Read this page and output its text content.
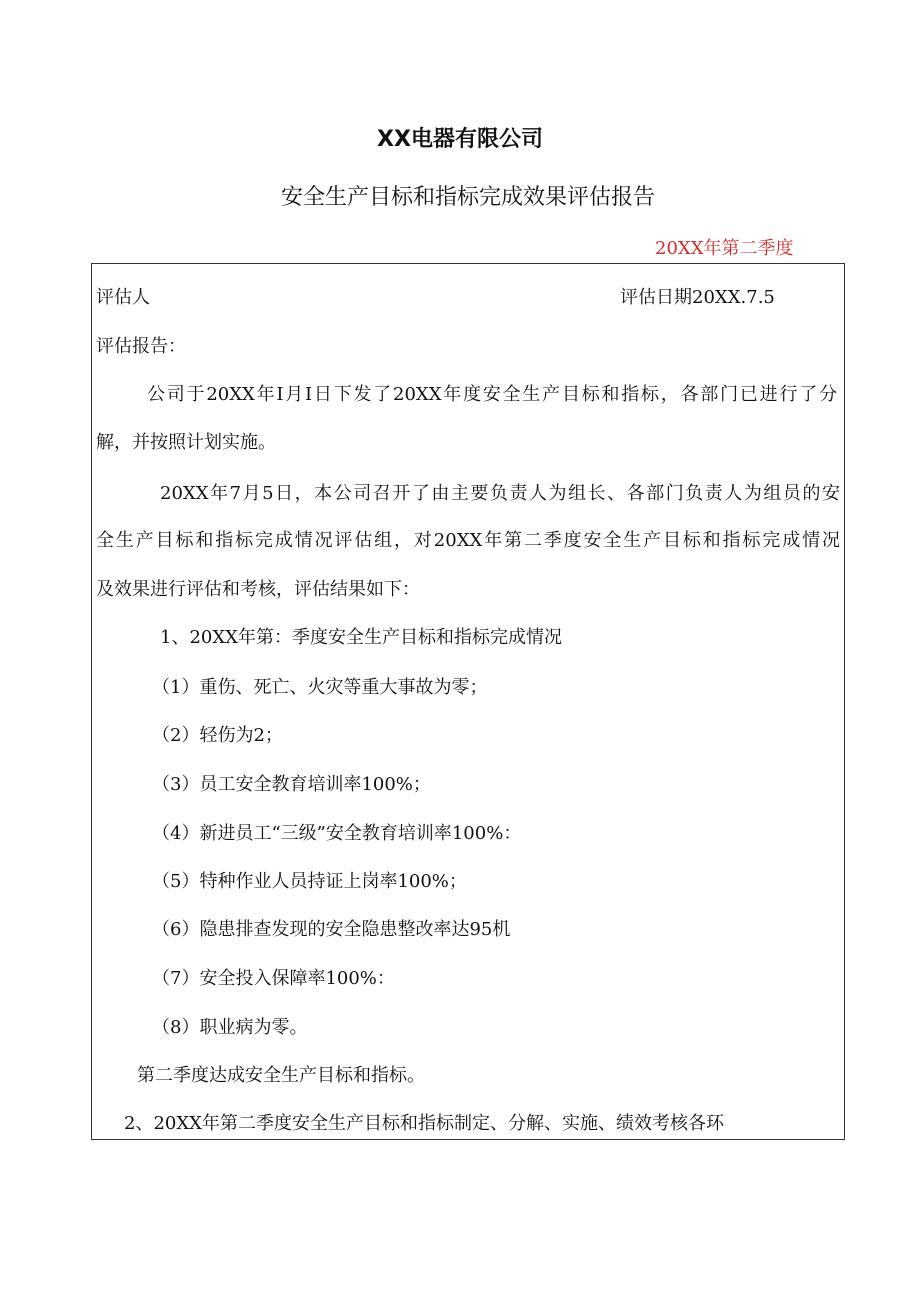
XX电器有限公司
安全生产目标和指标完成效果评估报告
20XX年第二季度
评估人	评估日期20XX.7.5
评估报告：
公司于20XX年I月I日下发了20XX年度安全生产目标和指标，各部门已进行了分
解，并按照计划实施。
20XX年7月5日，本公司召开了由主要负责人为组长、各部门负责人为组员的安
全生产目标和指标完成情况评估组，对20XX年第二季度安全生产目标和指标完成情况
及效果进行评估和考核，评估结果如下：
1、20XX年第：季度安全生产目标和指标完成情况
（1）重伤、死亡、火灾等重大事故为零；
（2）轻伤为2；
（3）员工安全教育培训率100%；
（4）新进员工“三级”安全教育培训率100%：
（5）特种作业人员持证上岗率100%；
（6）隐患排查发现的安全隐患整改率达95机
（7）安全投入保障率100%：
（8）职业病为零。
第二季度达成安全生产目标和指标。
2、20XX年第二季度安全生产目标和指标制定、分解、实施、绩效考核各环
